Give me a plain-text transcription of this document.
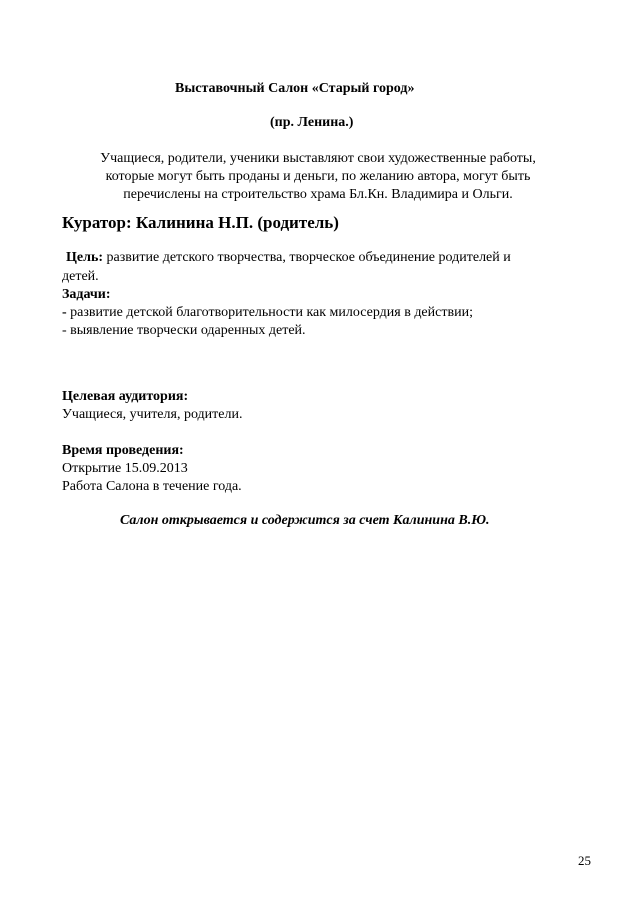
Выставочный Салон «Старый город»
(пр. Ленина.)
Учащиеся, родители, ученики выставляют свои художественные работы,
которые могут быть проданы и деньги, по желанию автора, могут быть
перечислены на строительство храма Бл.Кн. Владимира и Ольги.
Куратор: Калинина Н.П. (родитель)
Цель: развитие детского творчества, творческое объединение родителей и
детей.
Задачи:
- развитие детской благотворительности как милосердия в действии;
- выявление творчески одаренных детей.
Целевая аудитория:
Учащиеся, учителя, родители.
Время проведения:
Открытие 15.09.2013
Работа Салона в течение года.
Салон открывается и содержится за счет Калинина В.Ю.
25
